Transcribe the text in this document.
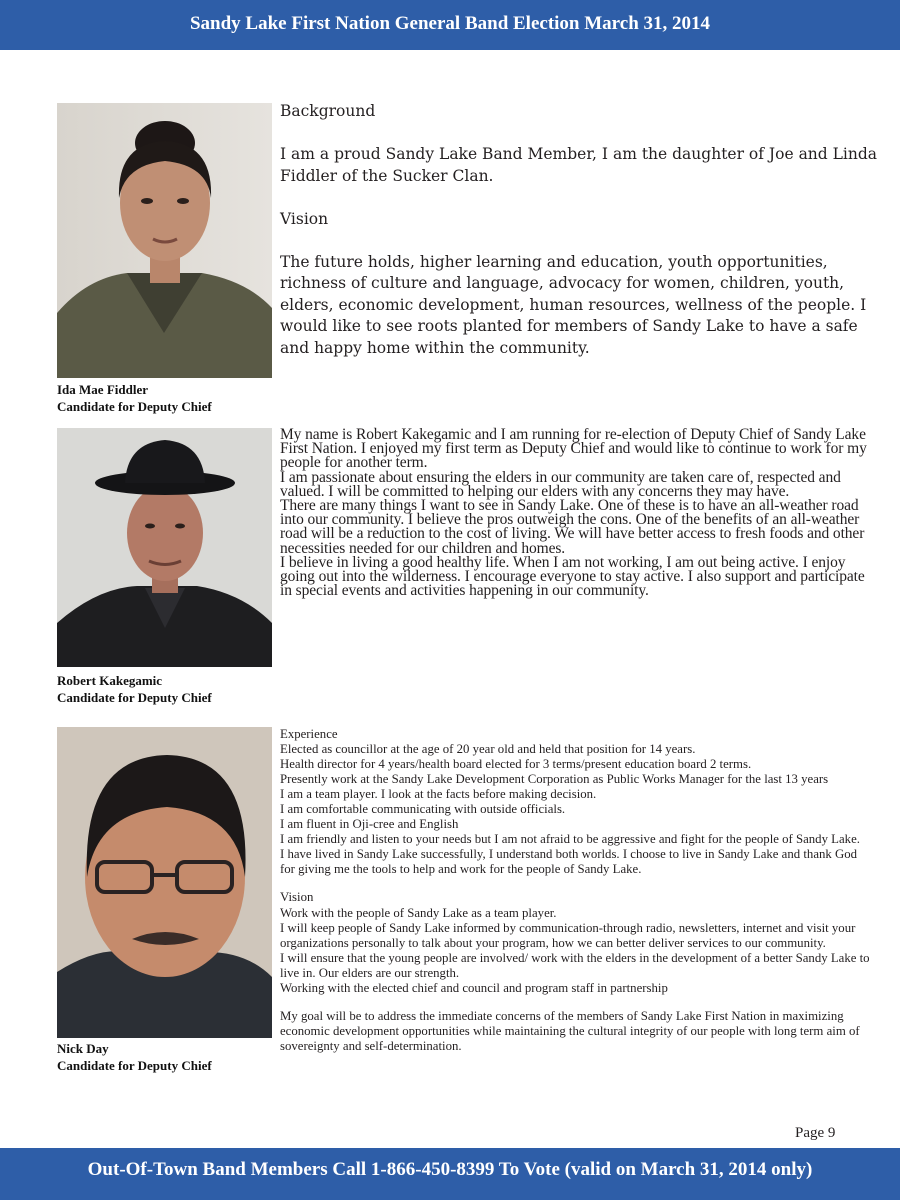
Sandy Lake First Nation General Band Election March 31, 2014
Ida Mae Fiddler
Candidate for Deputy Chief

Background

I am a proud Sandy Lake Band Member, I am the daughter of Joe and Linda Fiddler of the Sucker Clan.

Vision

The future holds, higher learning and education, youth opportunities, richness of culture and language, advocacy for women, children, youth, elders, economic development, human resources, wellness of the people. I would like to see roots planted for members of Sandy Lake to have a safe and happy home within the community.

Robert Kakegamic
Candidate for Deputy Chief

My name is Robert Kakegamic and I am running for re-election of Deputy Chief of Sandy Lake First Nation. I enjoyed my first term as Deputy Chief and would like to continue to work for my people for another term.

I am passionate about ensuring the elders in our community are taken care of, respected and valued. I will be committed to helping our elders with any concerns they may have.

There are many things I want to see in Sandy Lake. One of these is to have an all-weather road into our community. I believe the pros outweigh the cons. One of the benefits of an all-weather road will be a reduction to the cost of living. We will have better access to fresh foods and other necessities needed for our children and homes.

I believe in living a good healthy life. When I am not working, I am out being active. I enjoy going out into the wilderness. I encourage everyone to stay active. I also support and participate in special events and activities happening in our community.

Nick Day
Candidate for Deputy Chief

Experience

Elected as councillor at the age of 20 year old and held that position for 14 years.

Health director for 4 years/health board elected for 3 terms/present education board 2 terms.

Presently work at the Sandy Lake Development Corporation as Public Works Manager for the last 13 years

I am a team player. I look at the facts before making decision.

I am comfortable communicating with outside officials.

I am fluent in Oji-cree and English

I am friendly and listen to your needs but I am not afraid to be aggressive and fight for the people of Sandy Lake.

I have lived in Sandy Lake successfully, I understand both worlds. I choose to live in Sandy Lake and thank God for giving me the tools to help and work for the people of Sandy Lake.

Vision

Work with the people of Sandy Lake as a team player.

I will keep people of Sandy Lake informed by communication-through radio, newsletters, internet and visit your organizations personally to talk about your program, how we can better deliver services to our community.

I will ensure that the young people are involved/ work with the elders in the development of a better Sandy Lake to live in. Our elders are our strength.

Working with the elected chief and council and program staff in partnership

My goal will be to address the immediate concerns of the members of Sandy Lake First Nation in maximizing economic development opportunities while maintaining the cultural integrity of our people with long term aim of sovereignty and self-determination.

Page 9
Out-Of-Town Band Members Call 1-866-450-8399 To Vote (valid on March 31, 2014 only)
